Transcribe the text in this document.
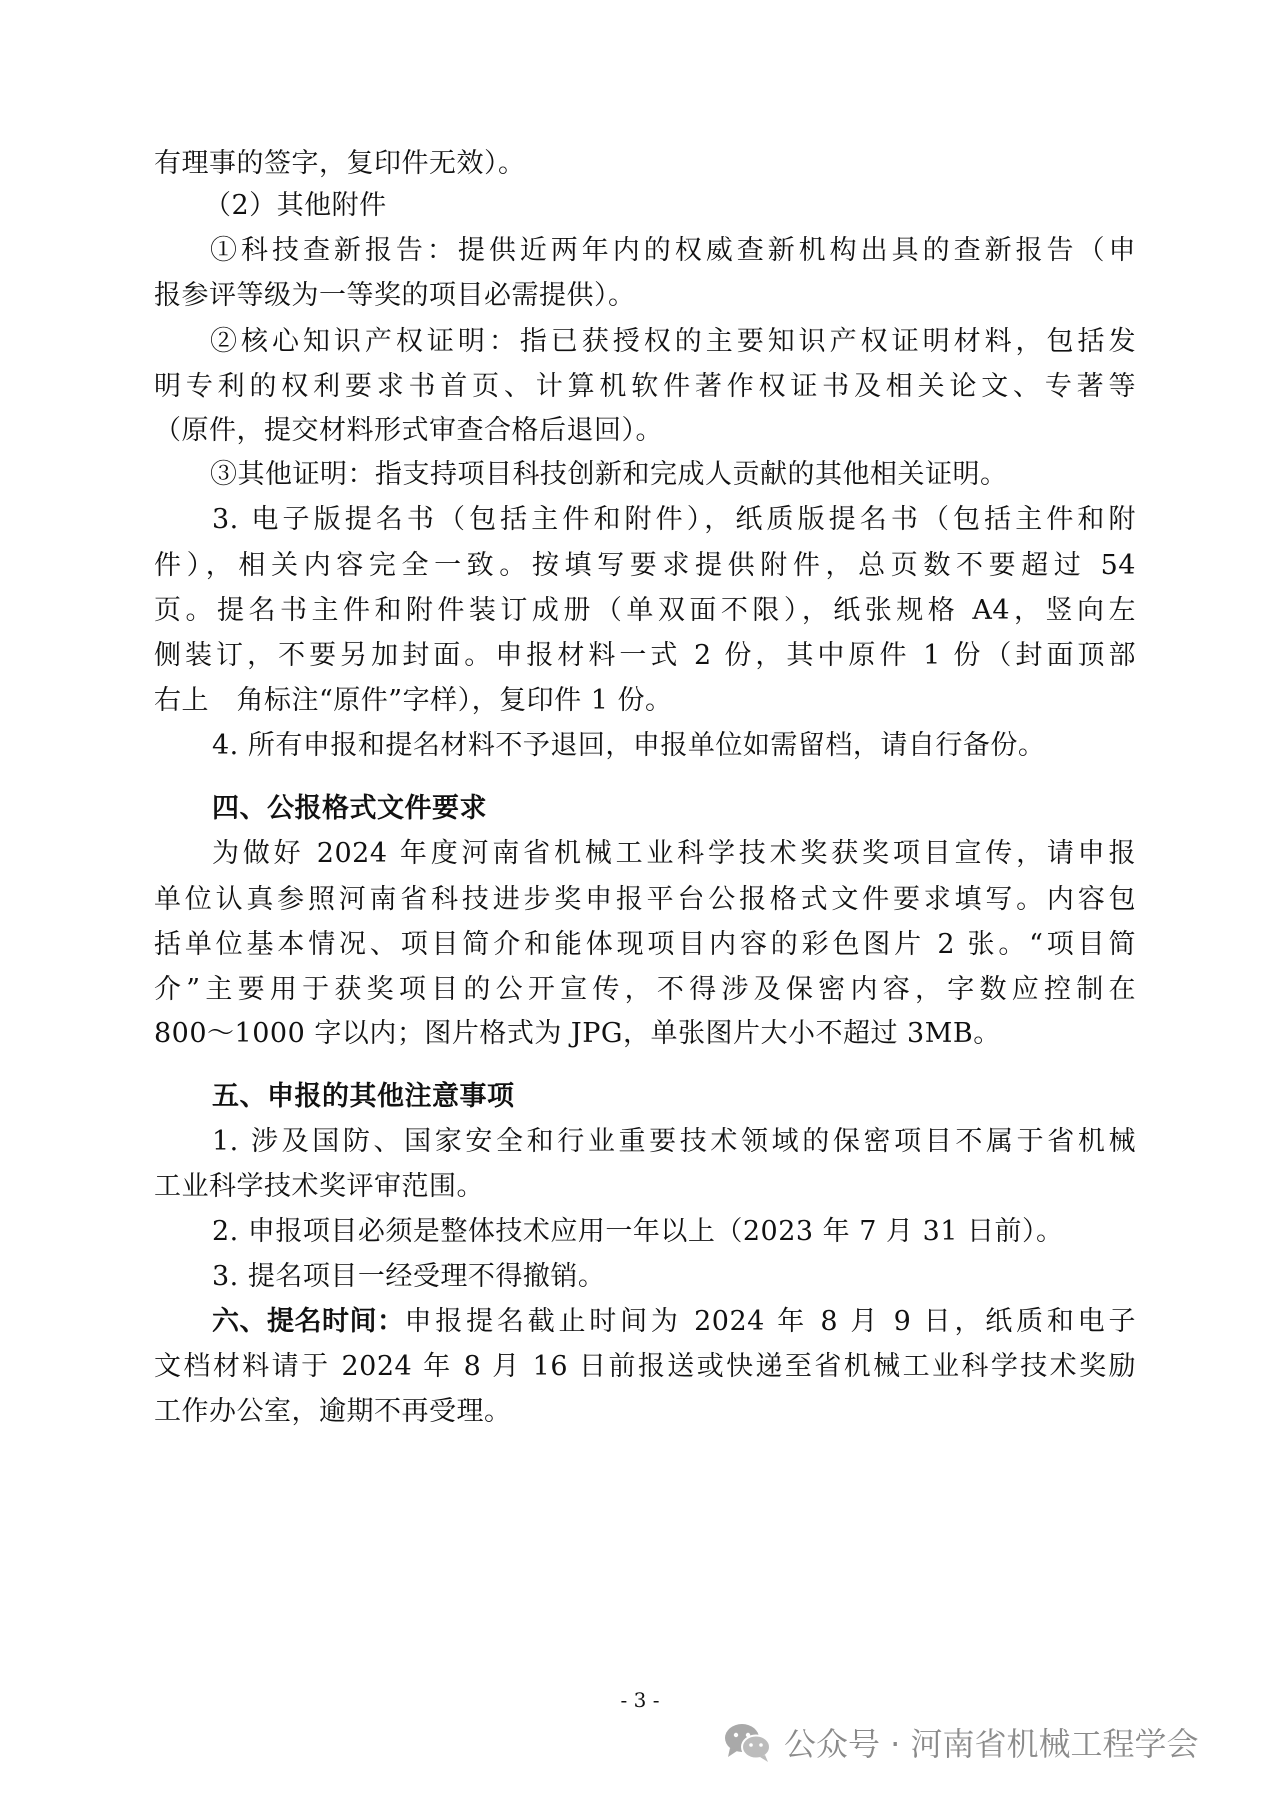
有理事的签字，复印件无效）。
（2）其他附件
①科技查新报告：提供近两年内的权威查新机构出具的查新报告（申
报参评等级为一等奖的项目必需提供）。
②核心知识产权证明：指已获授权的主要知识产权证明材料，包括发
明专利的权利要求书首页、计算机软件著作权证书及相关论文、专著等
（原件，提交材料形式审查合格后退回）。
③其他证明：指支持项目科技创新和完成人贡献的其他相关证明。
3. 电子版提名书（包括主件和附件），纸质版提名书（包括主件和附
件），相关内容完全一致。按填写要求提供附件，总页数不要超过 54
页。提名书主件和附件装订成册（单双面不限），纸张规格 A4，竖向左
侧装订，不要另加封面。申报材料一式 2 份，其中原件 1 份（封面顶部
右上　角标注“原件”字样），复印件 1 份。
4. 所有申报和提名材料不予退回，申报单位如需留档，请自行备份。
四、公报格式文件要求
为做好 2024 年度河南省机械工业科学技术奖获奖项目宣传，请申报
单位认真参照河南省科技进步奖申报平台公报格式文件要求填写。内容包
括单位基本情况、项目简介和能体现项目内容的彩色图片 2 张。“项目简
介”主要用于获奖项目的公开宣传，不得涉及保密内容，字数应控制在
800～1000 字以内；图片格式为 JPG，单张图片大小不超过 3MB。
五、申报的其他注意事项
1. 涉及国防、国家安全和行业重要技术领域的保密项目不属于省机械
工业科学技术奖评审范围。
2. 申报项目必须是整体技术应用一年以上（2023 年 7 月 31 日前）。
3. 提名项目一经受理不得撤销。
六、提名时间： 申报提名截止时间为 2024 年 8 月 9 日，纸质和电子
文档材料请于 2024 年 8 月 16 日前报送或快递至省机械工业科学技术奖励
工作办公室，逾期不再受理。
- 3 -
公众号 · 河南省机械工程学会
